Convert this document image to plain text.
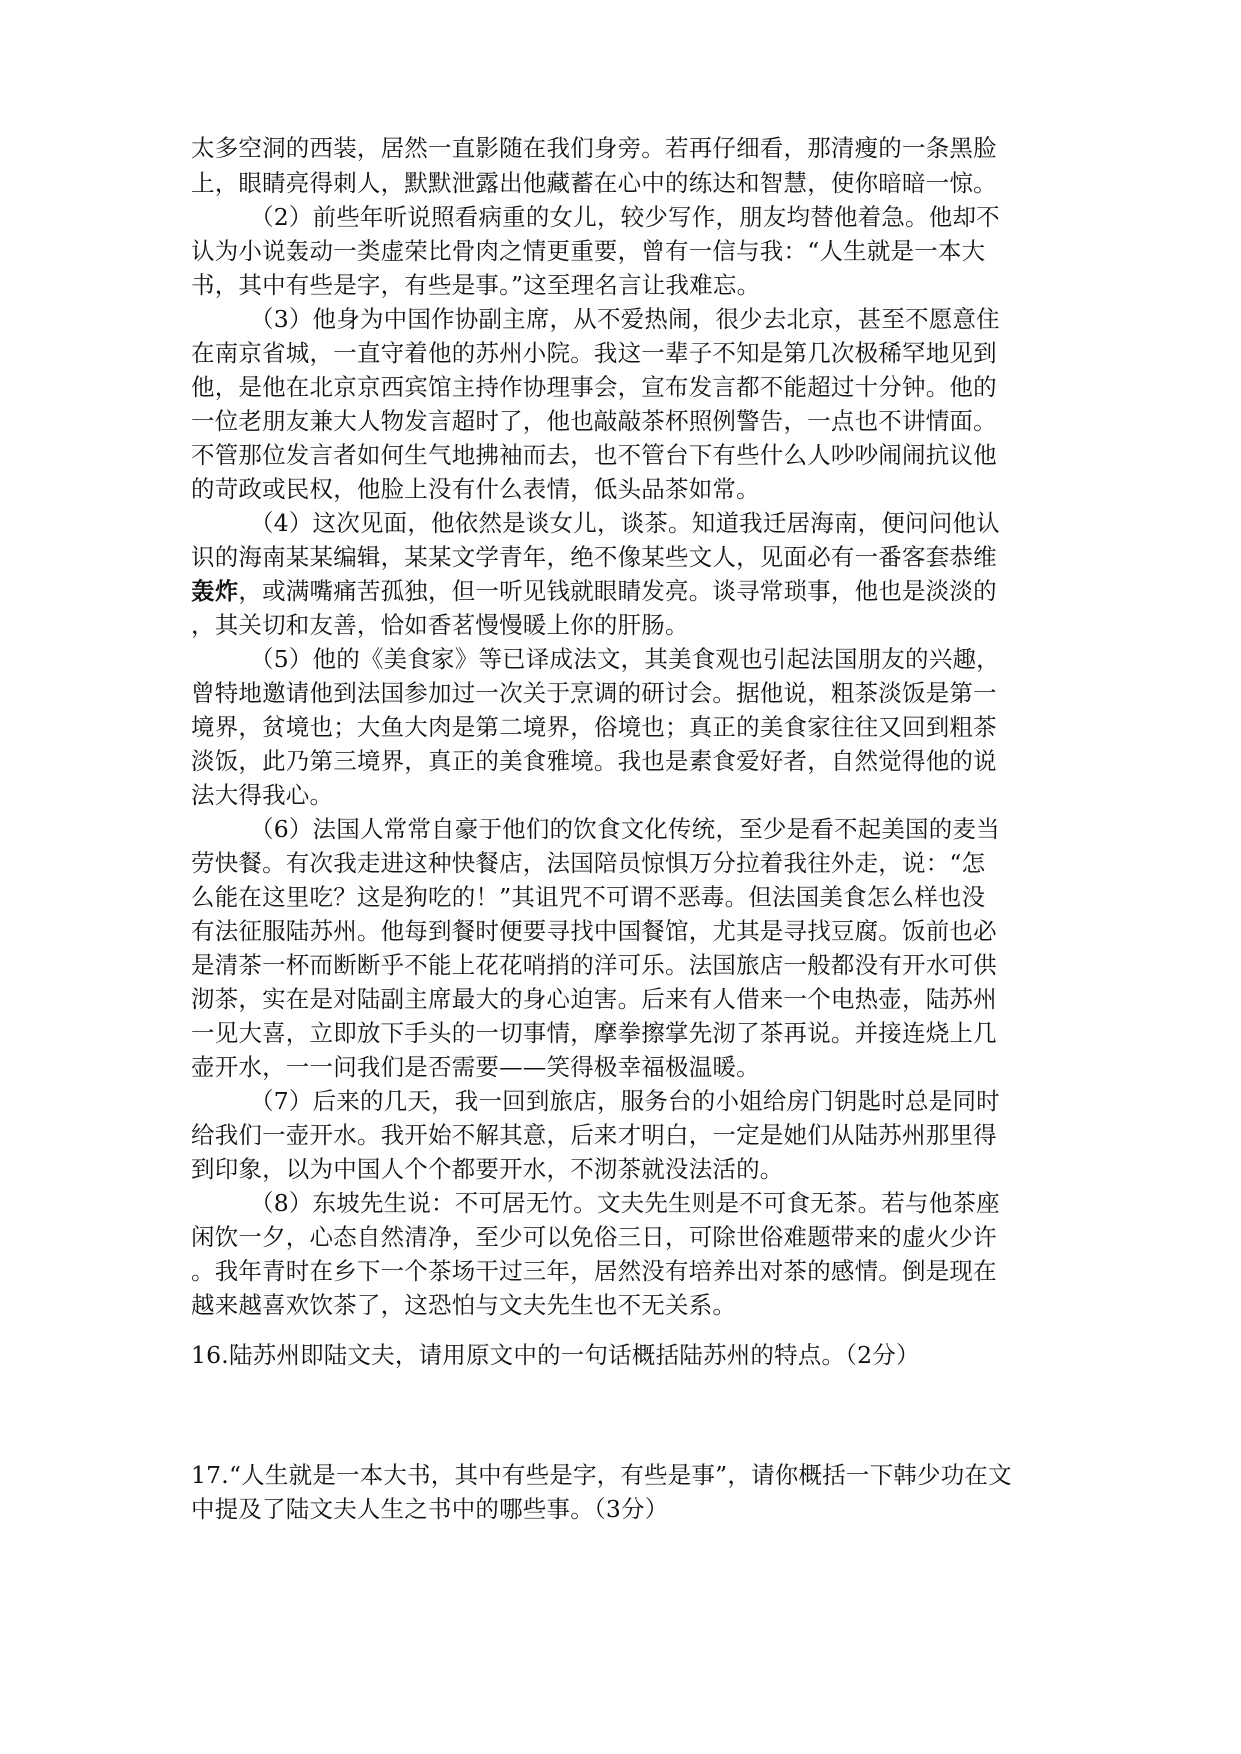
太多空洞的西装，居然一直影随在我们身旁。若再仔细看，那清瘦的一条黑脸
上，眼睛亮得刺人，默默泄露出他藏蓄在心中的练达和智慧，使你暗暗一惊。
（2）前些年听说照看病重的女儿，较少写作，朋友均替他着急。他却不
认为小说轰动一类虚荣比骨肉之情更重要，曾有一信与我：“人生就是一本大
书，其中有些是字，有些是事。”这至理名言让我难忘。
（3）他身为中国作协副主席，从不爱热闹，很少去北京，甚至不愿意住
在南京省城，一直守着他的苏州小院。我这一辈子不知是第几次极稀罕地见到
他，是他在北京京西宾馆主持作协理事会，宣布发言都不能超过十分钟。他的
一位老朋友兼大人物发言超时了，他也敲敲茶杯照例警告，一点也不讲情面。
不管那位发言者如何生气地拂袖而去，也不管台下有些什么人吵吵闹闹抗议他
的苛政或民权，他脸上没有什么表情，低头品茶如常。
（4）这次见面，他依然是谈女儿，谈茶。知道我迁居海南，便问问他认
识的海南某某编辑，某某文学青年，绝不像某些文人，见面必有一番客套恭维
轰炸，或满嘴痛苦孤独，但一听见钱就眼睛发亮。谈寻常琐事，他也是淡淡的
，其关切和友善，恰如香茗慢慢暖上你的肝肠。
（5）他的《美食家》等已译成法文，其美食观也引起法国朋友的兴趣，
曾特地邀请他到法国参加过一次关于烹调的研讨会。据他说，粗茶淡饭是第一
境界，贫境也；大鱼大肉是第二境界，俗境也；真正的美食家往往又回到粗茶
淡饭，此乃第三境界，真正的美食雅境。我也是素食爱好者，自然觉得他的说
法大得我心。
（6）法国人常常自豪于他们的饮食文化传统，至少是看不起美国的麦当
劳快餐。有次我走进这种快餐店，法国陪员惊惧万分拉着我往外走，说：“怎
么能在这里吃？这是狗吃的！”其诅咒不可谓不恶毒。但法国美食怎么样也没
有法征服陆苏州。他每到餐时便要寻找中国餐馆，尤其是寻找豆腐。饭前也必
是清茶一杯而断断乎不能上花花哨捎的洋可乐。法国旅店一般都没有开水可供
沏茶，实在是对陆副主席最大的身心迫害。后来有人借来一个电热壶，陆苏州
一见大喜，立即放下手头的一切事情，摩拳擦掌先沏了茶再说。并接连烧上几
壶开水，一一问我们是否需要——笑得极幸福极温暖。
（7）后来的几天，我一回到旅店，服务台的小姐给房门钥匙时总是同时
给我们一壶开水。我开始不解其意，后来才明白，一定是她们从陆苏州那里得
到印象，以为中国人个个都要开水，不沏茶就没法活的。
（8）东坡先生说：不可居无竹。文夫先生则是不可食无茶。若与他茶座
闲饮一夕，心态自然清净，至少可以免俗三日，可除世俗难题带来的虚火少许
。我年青时在乡下一个茶场干过三年，居然没有培养出对茶的感情。倒是现在
越来越喜欢饮茶了，这恐怕与文夫先生也不无关系。
16.陆苏州即陆文夫，请用原文中的一句话概括陆苏州的特点。（2分）
17.“人生就是一本大书，其中有些是字，有些是事”，请你概括一下韩少功在文
中提及了陆文夫人生之书中的哪些事。（3分）
